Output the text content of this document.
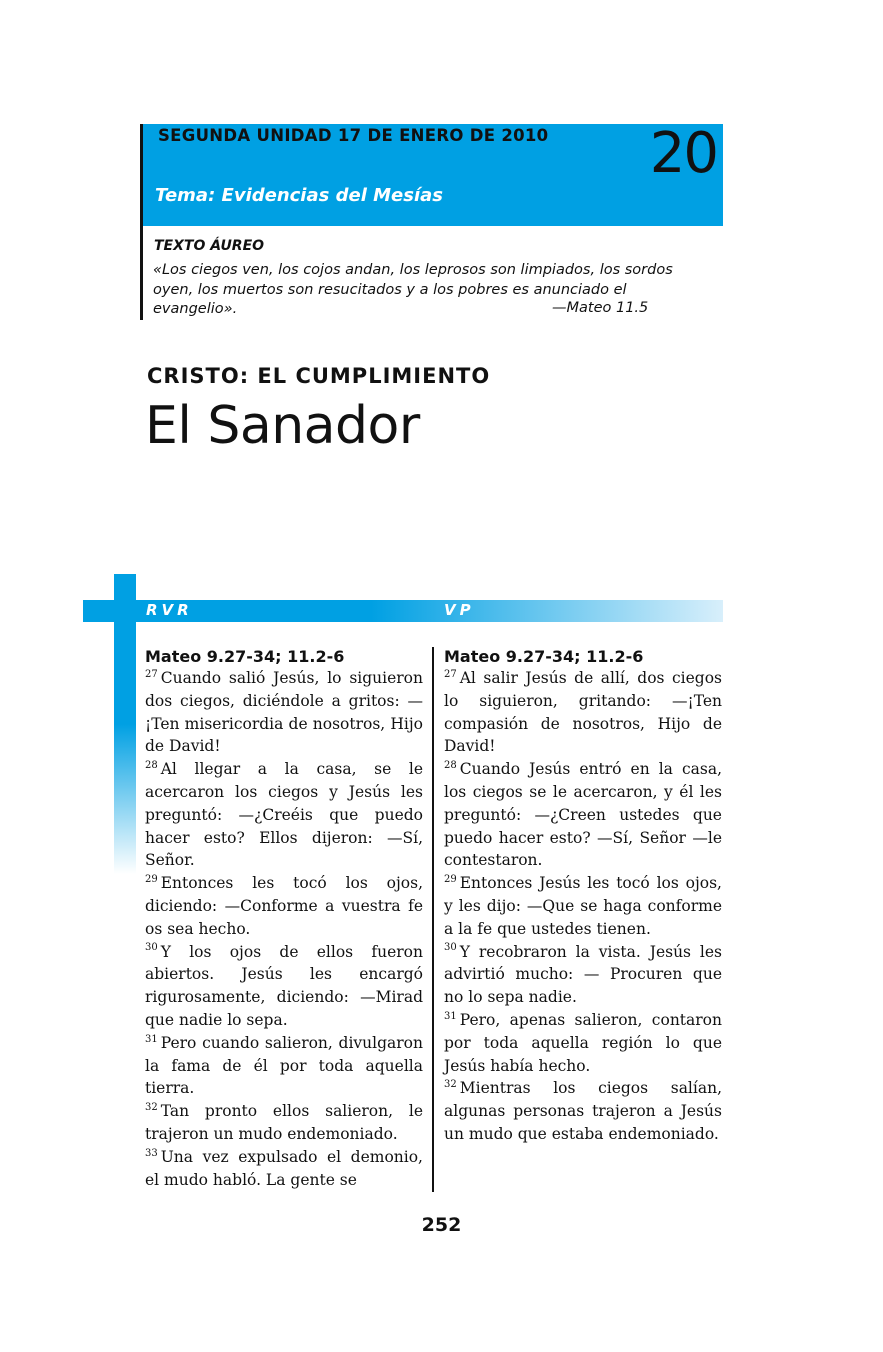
SEGUNDA UNIDAD 17 DE ENERO DE 2010 20
Tema: Evidencias del Mesías
TEXTO ÁUREO
«Los ciegos ven, los cojos andan, los leprosos son limpiados, los sordos oyen, los muertos son resucitados y a los pobres es anunciado el evangelio».	—Mateo 11.5
CRISTO: EL CUMPLIMIENTO
El Sanador
RVR	VP
Mateo 9.27-34; 11.2-6

$^{27}$ Cuando salió Jesús, lo siguieron dos ciegos, diciéndole a gritos: —¡Ten misericordia de nosotros, Hijo de David!

$^{28}$ Al llegar a la casa, se le acercaron los ciegos y Jesús les preguntó: —¿Creéis que puedo hacer esto? Ellos dijeron: —Sí, Señor.

$^{29}$ Entonces les tocó los ojos, diciendo: —Conforme a vuestra fe os sea hecho.

$^{30}$ Y los ojos de ellos fueron abiertos. Jesús les encargó rigurosamente, diciendo: —Mirad que nadie lo sepa.

$^{31}$ Pero cuando salieron, divulgaron la fama de él por toda aquella tierra.

$^{32}$ Tan pronto ellos salieron, le trajeron un mudo endemoniado.

$^{33}$ Una vez expulsado el demonio, el mudo habló. La gente se

Mateo 9.27-34; 11.2-6

$^{27}$ Al salir Jesús de allí, dos ciegos lo siguieron, gritando: —¡Ten compasión de nosotros, Hijo de David!

$^{28}$ Cuando Jesús entró en la casa, los ciegos se le acercaron, y él les preguntó: —¿Creen ustedes que puedo hacer esto? —Sí, Señor —le contestaron.

$^{29}$ Entonces Jesús les tocó los ojos, y les dijo: —Que se haga conforme a la fe que ustedes tienen.

$^{30}$ Y recobraron la vista. Jesús les advirtió mucho: — Procuren que no lo sepa nadie.

$^{31}$ Pero, apenas salieron, contaron por toda aquella región lo que Jesús había hecho.

$^{32}$ Mientras los ciegos salían, algunas personas trajeron a Jesús un mudo que estaba endemoniado.

252
